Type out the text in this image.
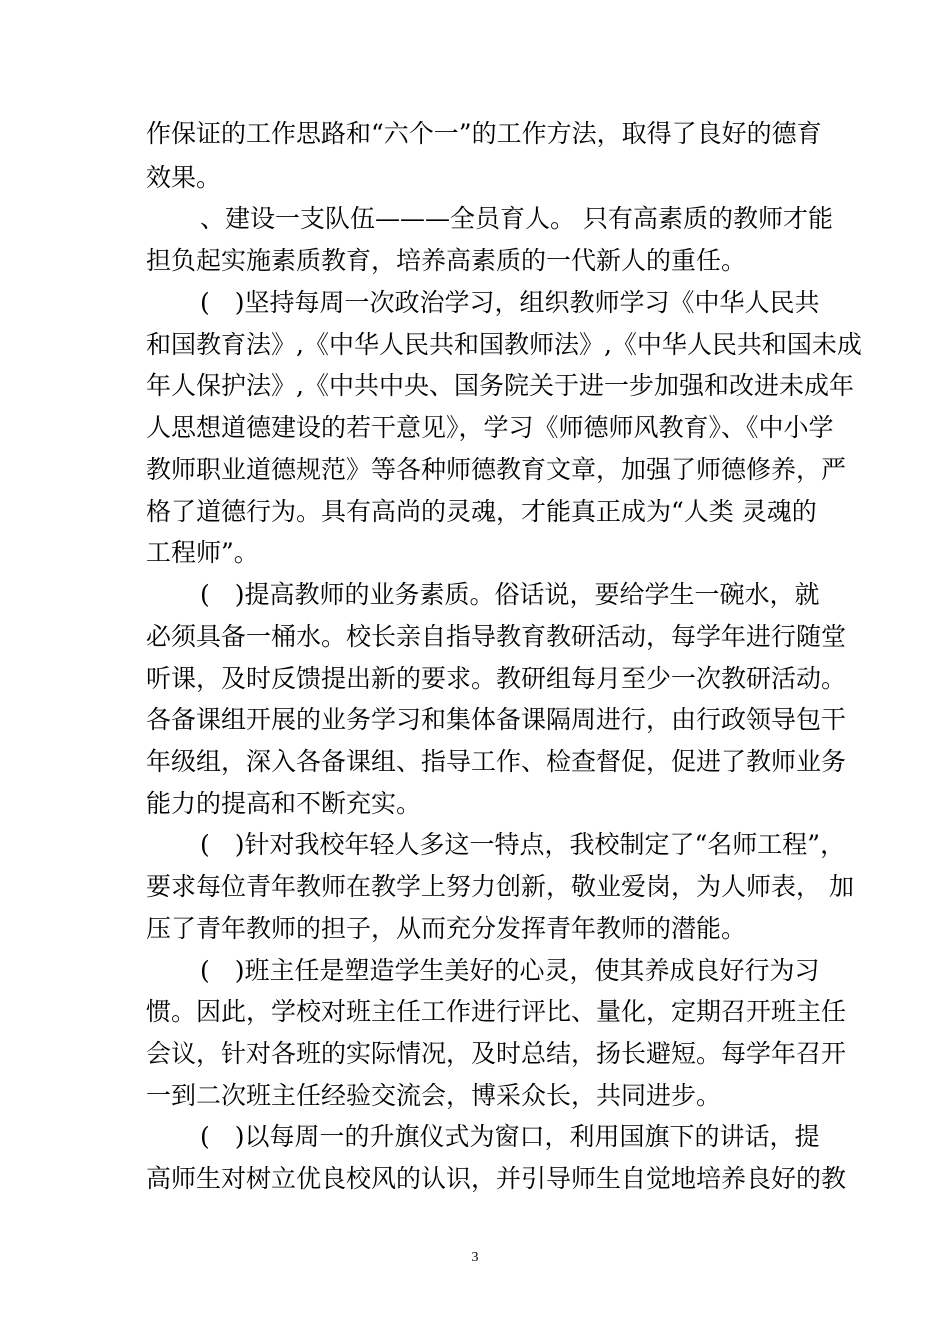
作保证的工作思路和“六个一”的工作方法，取得了良好的德育
效果。
、建设一支队伍———全员育人。 只有高素质的教师才能
担负起实施素质教育，培养高素质的一代新人的重任。
(　)坚持每周一次政治学习，组织教师学习《中华人民共
和国教育法》,《中华人民共和国教师法》,《中华人民共和国未成
年人保护法》,《中共中央、国务院关于进一步加强和改进未成年
人思想道德建设的若干意见》，学习《师德师风教育》、《中小学
教师职业道德规范》等各种师德教育文章，加强了师德修养，严
格了道德行为。具有高尚的灵魂，才能真正成为“人类 灵魂的
工程师”。
(　)提高教师的业务素质。俗话说，要给学生一碗水，就
必须具备一桶水。校长亲自指导教育教研活动，每学年进行随堂
听课，及时反馈提出新的要求。教研组每月至少一次教研活动。
各备课组开展的业务学习和集体备课隔周进行，由行政领导包干
年级组，深入各备课组、指导工作、检查督促，促进了教师业务
能力的提高和不断充实。
(　)针对我校年轻人多这一特点，我校制定了“名师工程”，
要求每位青年教师在教学上努力创新，敬业爱岗，为人师表， 加
压了青年教师的担子，从而充分发挥青年教师的潜能。
(　)班主任是塑造学生美好的心灵，使其养成良好行为习
惯。因此，学校对班主任工作进行评比、量化，定期召开班主任
会议，针对各班的实际情况，及时总结，扬长避短。每学年召开
一到二次班主任经验交流会，博采众长，共同进步。
(　)以每周一的升旗仪式为窗口，利用国旗下的讲话，提
高师生对树立优良校风的认识，并引导师生自觉地培养良好的教
3
